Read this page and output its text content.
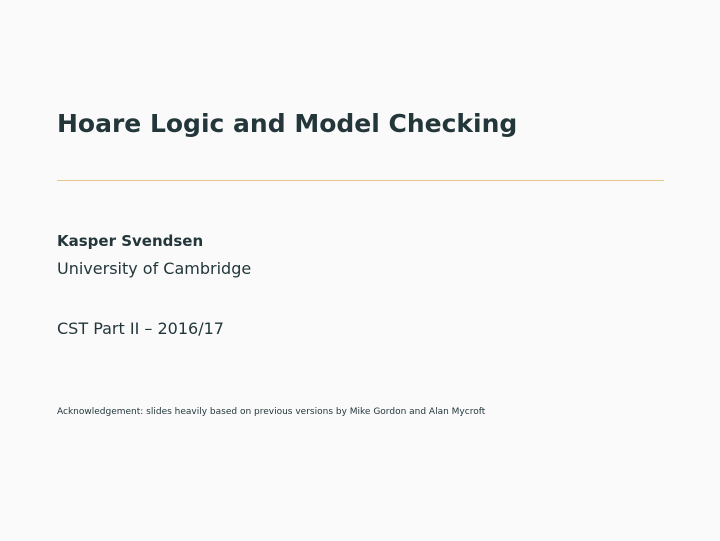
Hoare Logic and Model Checking
Kasper Svendsen
University of Cambridge
CST Part II – 2016/17
Acknowledgement: slides heavily based on previous versions by Mike Gordon and Alan Mycroft
